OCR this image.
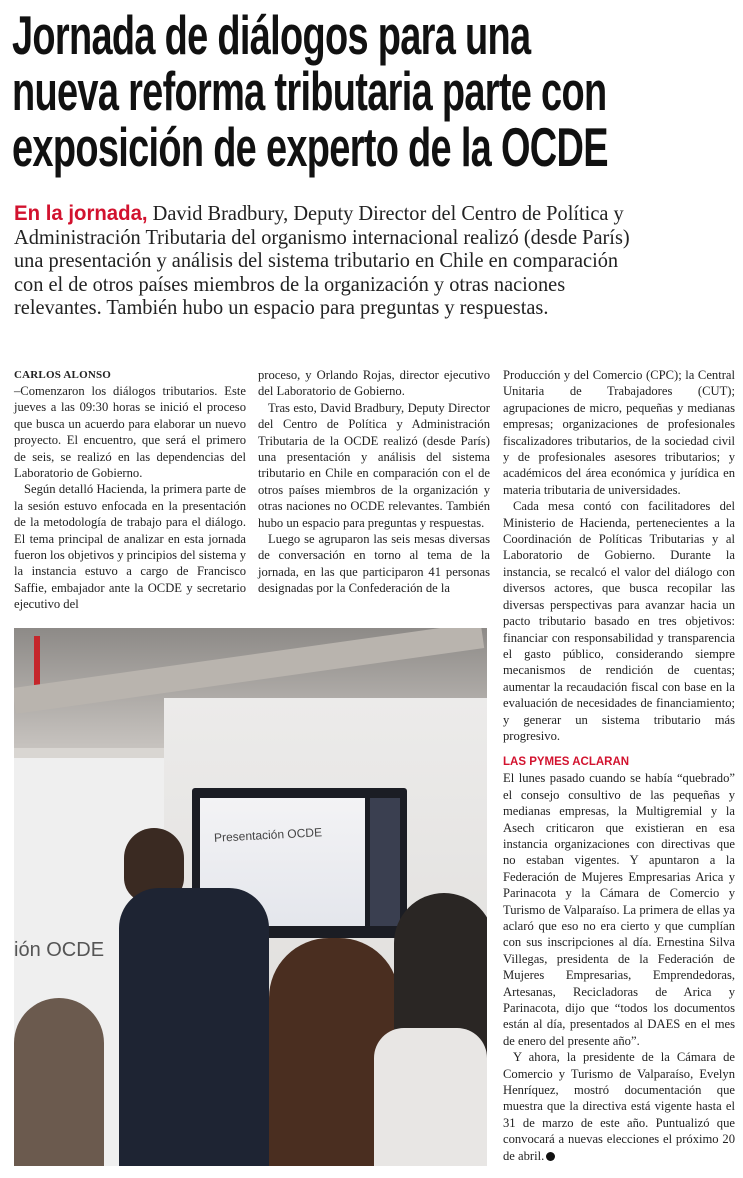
Jornada de diálogos para una
nueva reforma tributaria parte con
exposición de experto de la OCDE
En la jornada, David Bradbury, Deputy Director del Centro de Política y
Administración Tributaria del organismo internacional realizó (desde París)
una presentación y análisis del sistema tributario en Chile en comparación
con el de otros países miembros de la organización y otras naciones
relevantes. También hubo un espacio para preguntas y respuestas.
CARLOS ALONSO

–Comenzaron los diálogos tributarios. Este jueves a las 09:30 horas se inició el proceso que busca un acuerdo para elaborar un nuevo proyecto. El encuentro, que será el primero de seis, se realizó en las dependencias del Laboratorio de Gobierno.

Según detalló Hacienda, la primera parte de la sesión estuvo enfocada en la presentación de la metodología de trabajo para el diálogo. El tema principal de analizar en esta jornada fueron los objetivos y principios del sistema y la instancia estuvo a cargo de Francisco Saffie, embajador ante la OCDE y secretario ejecutivo del

proceso, y Orlando Rojas, director ejecutivo del Laboratorio de Gobierno.

Tras esto, David Bradbury, Deputy Director del Centro de Política y Administración Tributaria de la OCDE realizó (desde París) una presentación y análisis del sistema tributario en Chile en comparación con el de otros países miembros de la organización y otras naciones no OCDE relevantes. También hubo un espacio para preguntas y respuestas.

Luego se agruparon las seis mesas diversas de conversación en torno al tema de la jornada, en las que participaron 41 personas designadas por la Confederación de la

Producción y del Comercio (CPC); la Central Unitaria de Trabajadores (CUT); agrupaciones de micro, pequeñas y medianas empresas; organizaciones de profesionales fiscalizadores tributarios, de la sociedad civil y de profesionales asesores tributarios; y académicos del área económica y jurídica en materia tributaria de universidades.

Cada mesa contó con facilitadores del Ministerio de Hacienda, pertenecientes a la Coordinación de Políticas Tributarias y al Laboratorio de Gobierno. Durante la instancia, se recalcó el valor del diálogo con diversos actores, que busca recopilar las diversas perspectivas para avanzar hacia un pacto tributario basado en tres objetivos: financiar con responsabilidad y transparencia el gasto público, considerando siempre mecanismos de rendición de cuentas; aumentar la recaudación fiscal con base en la evaluación de necesidades de financiamiento; y generar un sistema tributario más progresivo.

LAS PYMES ACLARAN

El lunes pasado cuando se había “quebrado” el consejo consultivo de las pequeñas y medianas empresas, la Multigremial y la Asech criticaron que existieran en esa instancia organizaciones con directivas que no estaban vigentes. Y apuntaron a la Federación de Mujeres Empresarias Arica y Parinacota y la Cámara de Comercio y Turismo de Valparaíso. La primera de ellas ya aclaró que eso no era cierto y que cumplían con sus inscripciones al día. Ernestina Silva Villegas, presidenta de la Federación de Mujeres Empresarias, Emprendedoras, Artesanas, Recicladoras de Arica y Parinacota, dijo que “todos los documentos están al día, presentados al DAES en el mes de enero del presente año”.

Y ahora, la presidente de la Cámara de Comercio y Turismo de Valparaíso, Evelyn Henríquez, mostró documentación que muestra que la directiva está vigente hasta el 31 de marzo de este año. Puntualizó que convocará a nuevas elecciones el próximo 20 de abril.

ión OCDE
Presentación OCDE
